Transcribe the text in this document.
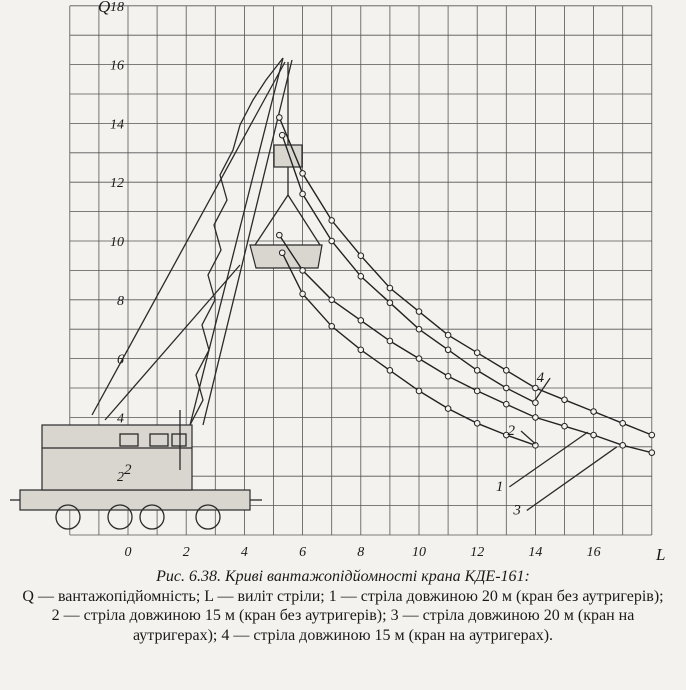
2
0	2	4	6	8	10	12	14	16
2
4
6
8
10
12
14
16
18
Q
L
1
2
3
4
Рис. 6.38. Криві вантажопідйомності крана КДЕ-161:
Q — вантажопідйомність; L — виліт стріли; 1 — стріла довжиною 20 м (кран без аутригерів); 2 — стріла довжиною 15 м (кран без аутригерів); 3 — стріла довжиною 20 м (кран на аутригерах); 4 — стріла довжиною 15 м (кран на аутригерах).
